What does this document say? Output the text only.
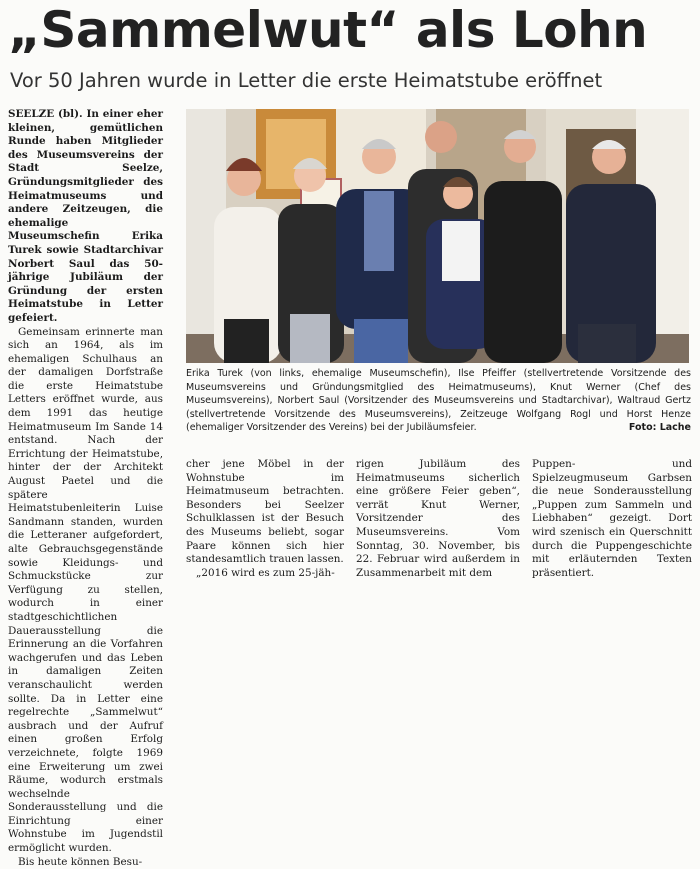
„Sammelwut“ als Lohn
Vor 50 Jahren wurde in Letter die erste Heimatstube eröffnet

SEELZE (bl). In einer eher kleinen, gemütlichen Runde haben Mitglieder des Museumsvereins der Stadt Seelze, Gründungsmitglieder des Heimatmuseums und andere Zeitzeugen, die ehemalige Museumschefin Erika Turek sowie Stadtarchivar Norbert Saul das 50-jährige Jubiläum der Gründung der ersten Heimatstube in Letter gefeiert.

Gemeinsam erinnerte man sich an 1964, als im ehemaligen Schulhaus an der damaligen Dorfstraße die erste Heimatstube Letters eröffnet wurde, aus dem 1991 das heutige Heimatmuseum Im Sande 14 entstand. Nach der Errichtung der Heimatstube, hinter der der Architekt August Paetel und die spätere Heimatstubenleiterin Luise Sandmann standen, wurden die Letteraner aufgefordert, alte Gebrauchsgegenstände sowie Kleidungs- und Schmuckstücke zur Verfügung zu stellen, wodurch in einer stadtgeschichtlichen Dauerausstellung die Erinnerung an die Vorfahren wachgerufen und das Leben in damaligen Zeiten veranschaulicht werden sollte. Da in Letter eine regelrechte „Sammelwut“ ausbrach und der Aufruf einen großen Erfolg verzeichnete, folgte 1969 eine Erweiterung um zwei Räume, wodurch erstmals wechselnde Sonderausstellung und die Einrichtung einer Wohnstube im Jugendstil ermöglicht wurden.

Bis heute können Besu-

Erika Turek (von links, ehemalige Museumschefin), Ilse Pfeiffer (stellvertretende Vorsitzende des Museumsvereins und Gründungsmitglied des Heimatmuseums), Knut Werner (Chef des Museumsvereins), Norbert Saul (Vorsitzender des Museumsvereins und Stadtarchivar), Waltraud Gertz (stellvertretende Vorsitzende des Museumsvereins), Zeitzeuge Wolfgang Rogl und Horst Henze (ehemaliger Vorsitzender des Vereins) bei der Jubiläumsfeier.	Foto: Lache

cher jene Möbel in der Wohnstube im Heimatmuseum betrachten. Besonders bei Seelzer Schulklassen ist der Besuch des Museums beliebt, sogar Paare können sich hier standesamtlich trauen lassen.

„2016 wird es zum 25-jäh-

rigen Jubiläum des Heimatmuseums sicherlich eine größere Feier geben“, verrät Knut Werner, Vorsitzender des Museumsvereins. Vom Sonntag, 30. November, bis 22. Februar wird außerdem in Zusammenarbeit mit dem

Puppen- und Spielzeugmuseum Garbsen die neue Sonderausstellung „Puppen zum Sammeln und Liebhaben“ gezeigt. Dort wird szenisch ein Querschnitt durch die Puppengeschichte mit erläuternden Texten präsentiert.
